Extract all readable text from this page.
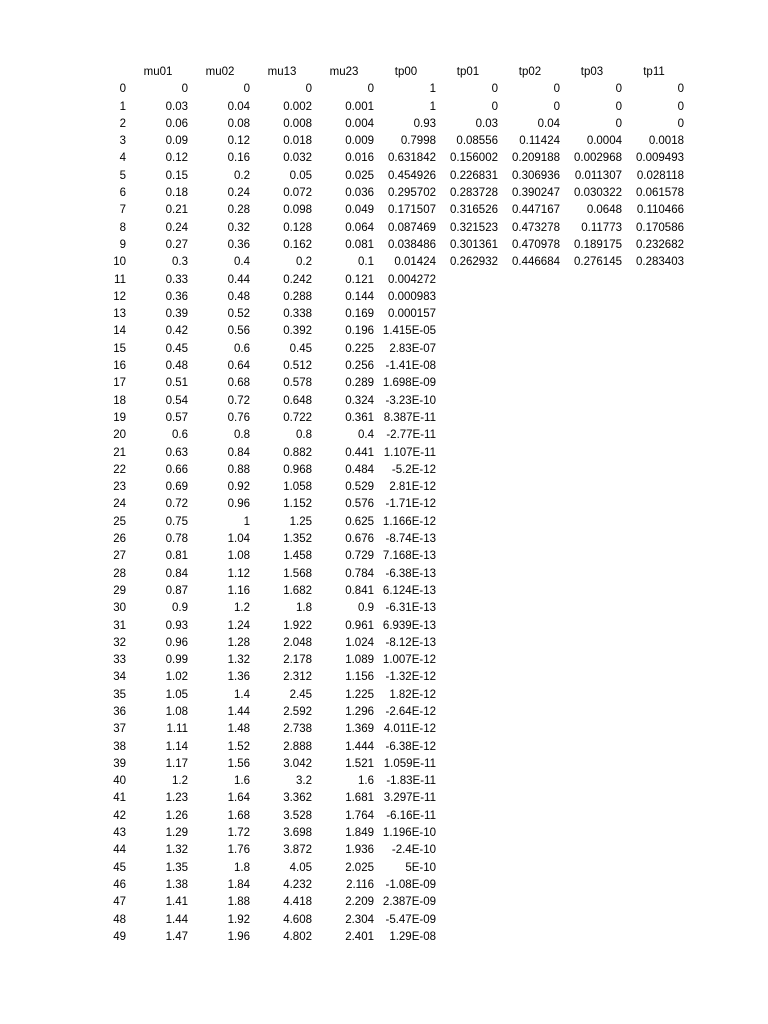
	mu01	mu02	mu13	mu23	tp00	tp01	tp02	tp03	tp11
0	0	0	0	0	1	0	0	0	0
1	0.03	0.04	0.002	0.001	1	0	0	0	0
2	0.06	0.08	0.008	0.004	0.93	0.03	0.04	0	0
3	0.09	0.12	0.018	0.009	0.7998	0.08556	0.11424	0.0004	0.0018
4	0.12	0.16	0.032	0.016	0.631842	0.156002	0.209188	0.002968	0.009493
5	0.15	0.2	0.05	0.025	0.454926	0.226831	0.306936	0.011307	0.028118
6	0.18	0.24	0.072	0.036	0.295702	0.283728	0.390247	0.030322	0.061578
7	0.21	0.28	0.098	0.049	0.171507	0.316526	0.447167	0.0648	0.110466
8	0.24	0.32	0.128	0.064	0.087469	0.321523	0.473278	0.11773	0.170586
9	0.27	0.36	0.162	0.081	0.038486	0.301361	0.470978	0.189175	0.232682
10	0.3	0.4	0.2	0.1	0.01424	0.262932	0.446684	0.276145	0.283403
11	0.33	0.44	0.242	0.121	0.004272				
12	0.36	0.48	0.288	0.144	0.000983				
13	0.39	0.52	0.338	0.169	0.000157				
14	0.42	0.56	0.392	0.196	1.415E-05				
15	0.45	0.6	0.45	0.225	2.83E-07				
16	0.48	0.64	0.512	0.256	-1.41E-08				
17	0.51	0.68	0.578	0.289	1.698E-09				
18	0.54	0.72	0.648	0.324	-3.23E-10				
19	0.57	0.76	0.722	0.361	8.387E-11				
20	0.6	0.8	0.8	0.4	-2.77E-11				
21	0.63	0.84	0.882	0.441	1.107E-11				
22	0.66	0.88	0.968	0.484	-5.2E-12				
23	0.69	0.92	1.058	0.529	2.81E-12				
24	0.72	0.96	1.152	0.576	-1.71E-12				
25	0.75	1	1.25	0.625	1.166E-12				
26	0.78	1.04	1.352	0.676	-8.74E-13				
27	0.81	1.08	1.458	0.729	7.168E-13				
28	0.84	1.12	1.568	0.784	-6.38E-13				
29	0.87	1.16	1.682	0.841	6.124E-13				
30	0.9	1.2	1.8	0.9	-6.31E-13				
31	0.93	1.24	1.922	0.961	6.939E-13				
32	0.96	1.28	2.048	1.024	-8.12E-13				
33	0.99	1.32	2.178	1.089	1.007E-12				
34	1.02	1.36	2.312	1.156	-1.32E-12				
35	1.05	1.4	2.45	1.225	1.82E-12				
36	1.08	1.44	2.592	1.296	-2.64E-12				
37	1.11	1.48	2.738	1.369	4.011E-12				
38	1.14	1.52	2.888	1.444	-6.38E-12				
39	1.17	1.56	3.042	1.521	1.059E-11				
40	1.2	1.6	3.2	1.6	-1.83E-11				
41	1.23	1.64	3.362	1.681	3.297E-11				
42	1.26	1.68	3.528	1.764	-6.16E-11				
43	1.29	1.72	3.698	1.849	1.196E-10				
44	1.32	1.76	3.872	1.936	-2.4E-10				
45	1.35	1.8	4.05	2.025	5E-10				
46	1.38	1.84	4.232	2.116	-1.08E-09				
47	1.41	1.88	4.418	2.209	2.387E-09				
48	1.44	1.92	4.608	2.304	-5.47E-09				
49	1.47	1.96	4.802	2.401	1.29E-08				
